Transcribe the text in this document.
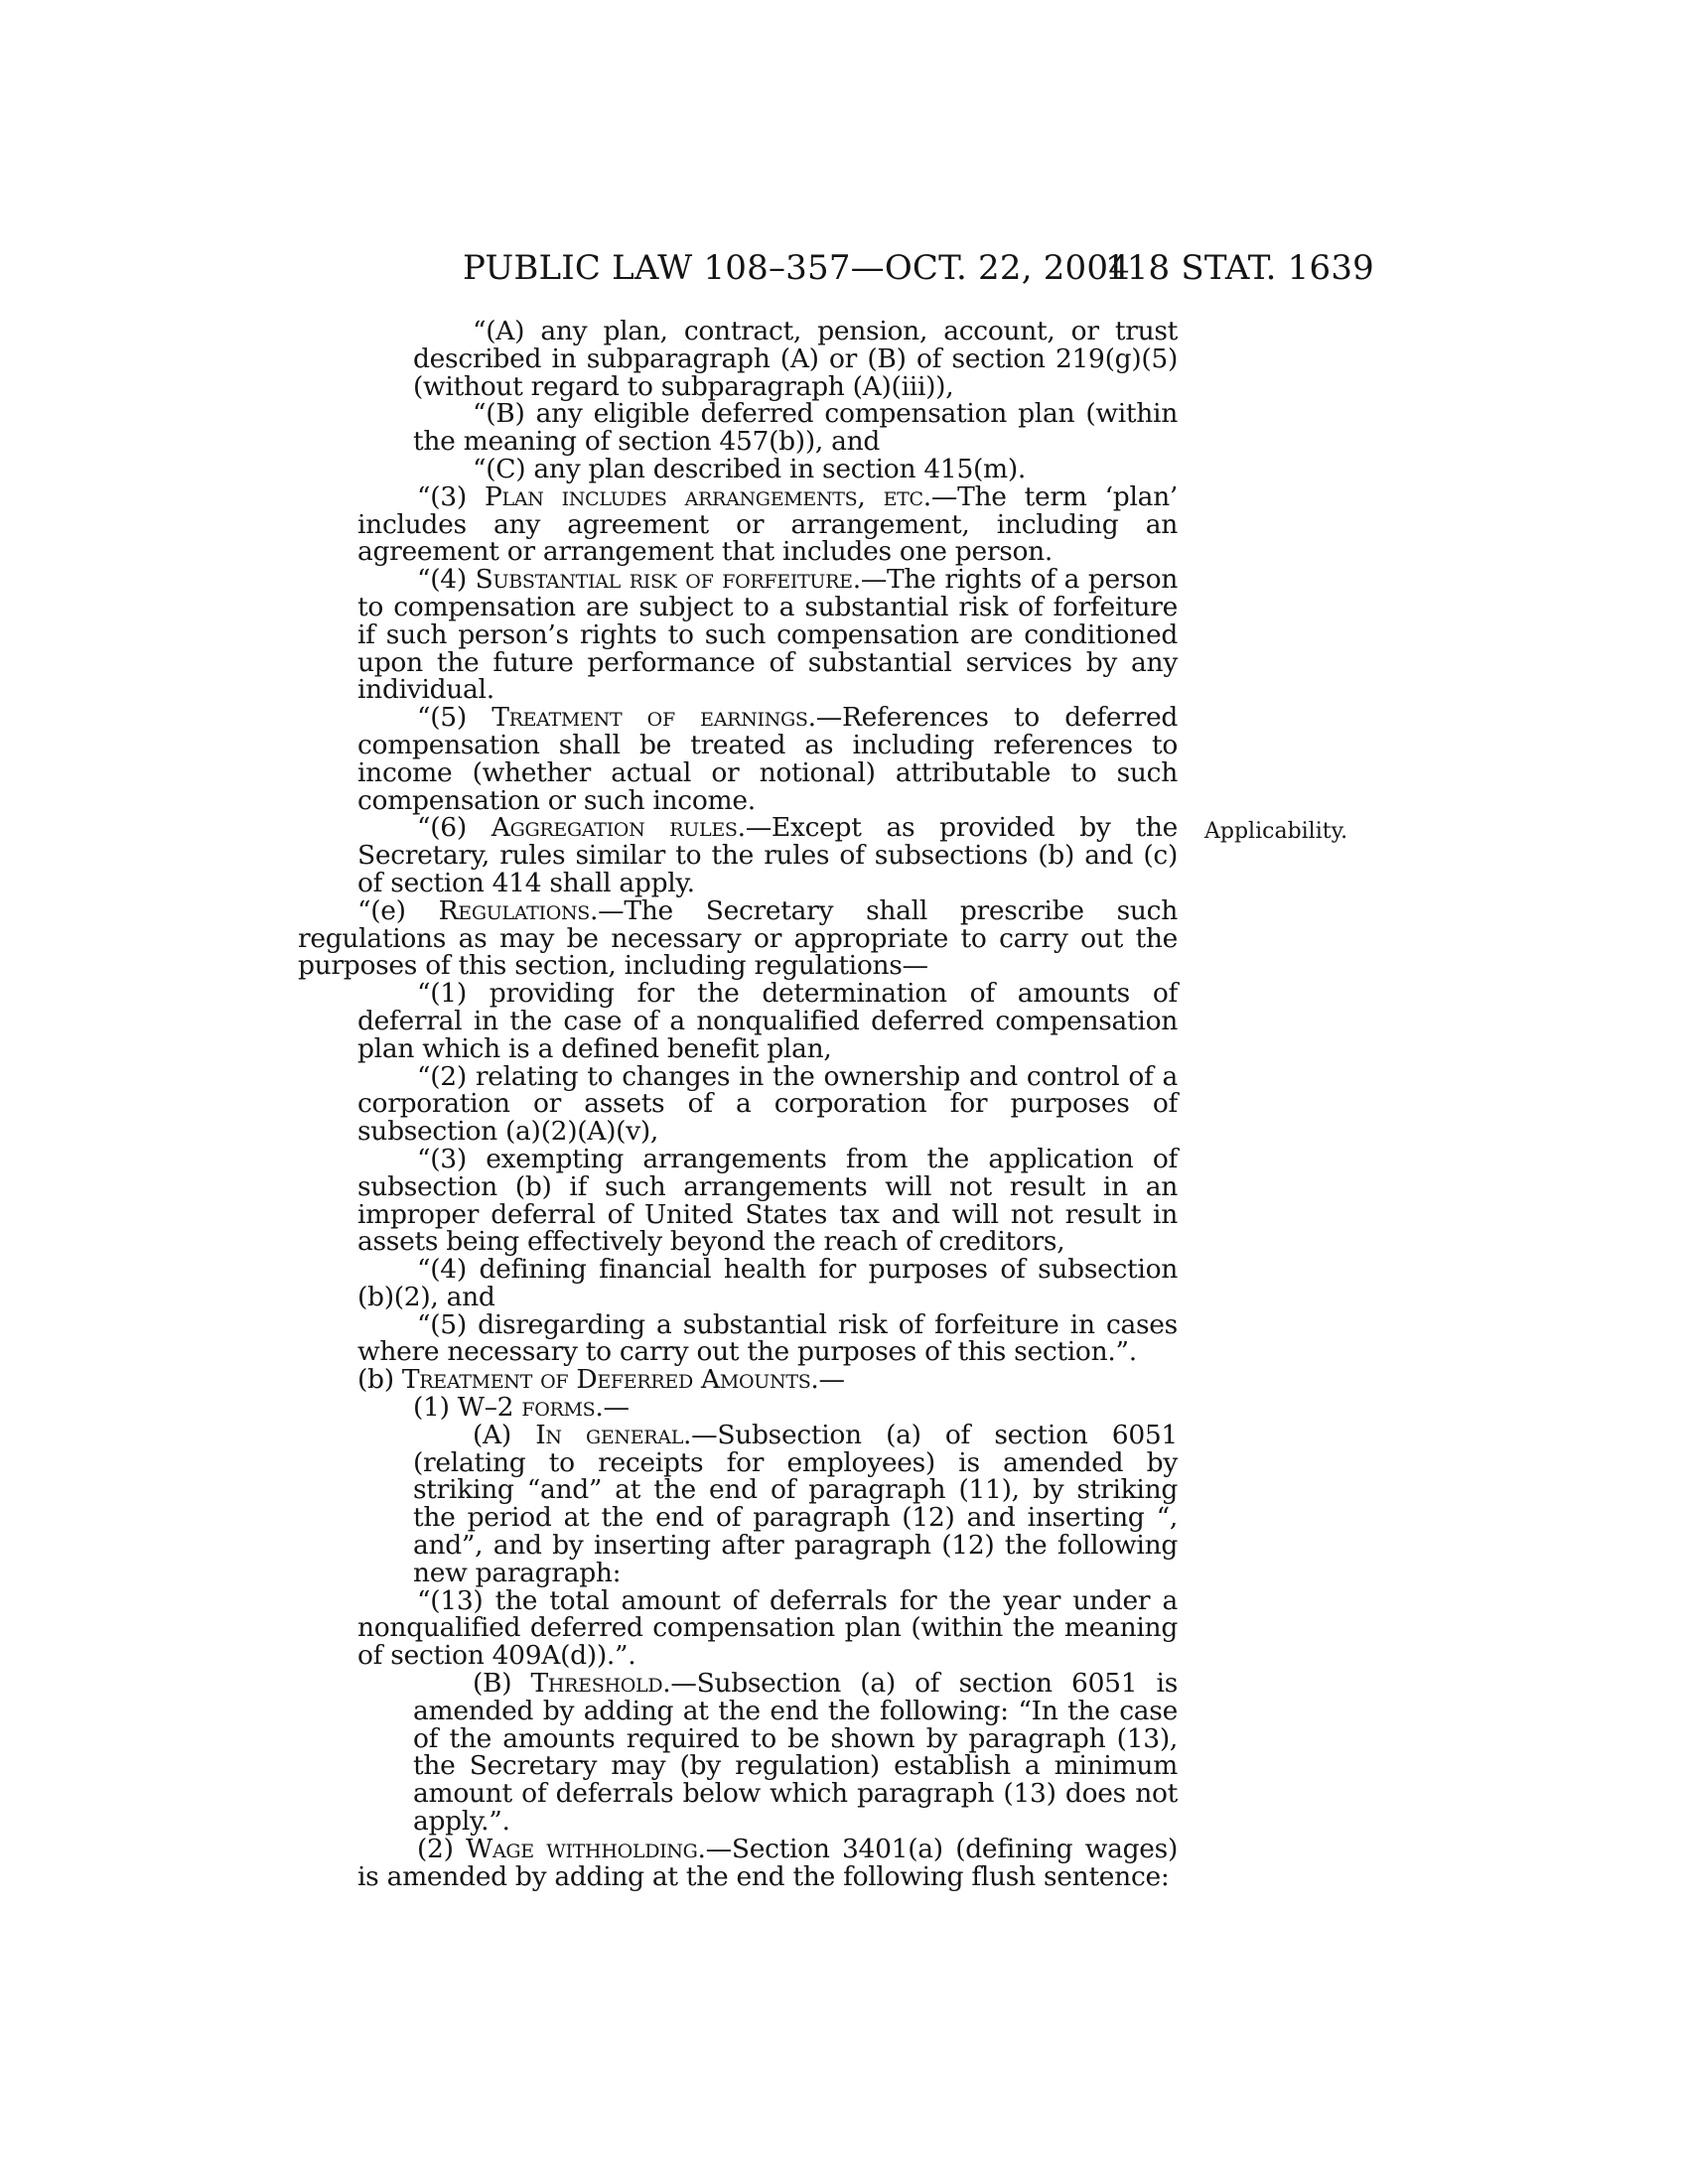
PUBLIC LAW 108–357—OCT. 22, 2004
118 STAT. 1639
Applicability.

“(A) any plan, contract, pension, account, or trust described in subparagraph (A) or (B) of section 219(g)(5) (without regard to subparagraph (A)(iii)),

“(B) any eligible deferred compensation plan (within the meaning of section 457(b)), and

“(C) any plan described in section 415(m).

“(3) Plan includes arrangements, etc.—The term ‘plan’ includes any agreement or arrangement, including an agreement or arrangement that includes one person.

“(4) Substantial risk of forfeiture.—The rights of a person to compensation are subject to a substantial risk of forfeiture if such person’s rights to such compensation are conditioned upon the future performance of substantial services by any individual.

“(5) Treatment of earnings.—References to deferred compensation shall be treated as including references to income (whether actual or notional) attributable to such compensation or such income.

“(6) Aggregation rules.—Except as provided by the Secretary, rules similar to the rules of subsections (b) and (c) of section 414 shall apply.

“(e) Regulations.—The Secretary shall prescribe such regulations as may be necessary or appropriate to carry out the purposes of this section, including regulations—

“(1) providing for the determination of amounts of deferral in the case of a nonqualified deferred compensation plan which is a defined benefit plan,

“(2) relating to changes in the ownership and control of a corporation or assets of a corporation for purposes of subsection (a)(2)(A)(v),

“(3) exempting arrangements from the application of subsection (b) if such arrangements will not result in an improper deferral of United States tax and will not result in assets being effectively beyond the reach of creditors,

“(4) defining financial health for purposes of subsection (b)(2), and

“(5) disregarding a substantial risk of forfeiture in cases where necessary to carry out the purposes of this section.”.

(b) Treatment of Deferred Amounts.—

(1) W–2 forms.—

(A) In general.—Subsection (a) of section 6051 (relating to receipts for employees) is amended by striking “and” at the end of paragraph (11), by striking the period at the end of paragraph (12) and inserting “, and”, and by inserting after paragraph (12) the following new paragraph:

“(13) the total amount of deferrals for the year under a nonqualified deferred compensation plan (within the meaning of section 409A(d)).”.

(B) Threshold.—Subsection (a) of section 6051 is amended by adding at the end the following: “In the case of the amounts required to be shown by paragraph (13), the Secretary may (by regulation) establish a minimum amount of deferrals below which paragraph (13) does not apply.”.

(2) Wage withholding.—Section 3401(a) (defining wages) is amended by adding at the end the following flush sentence:
